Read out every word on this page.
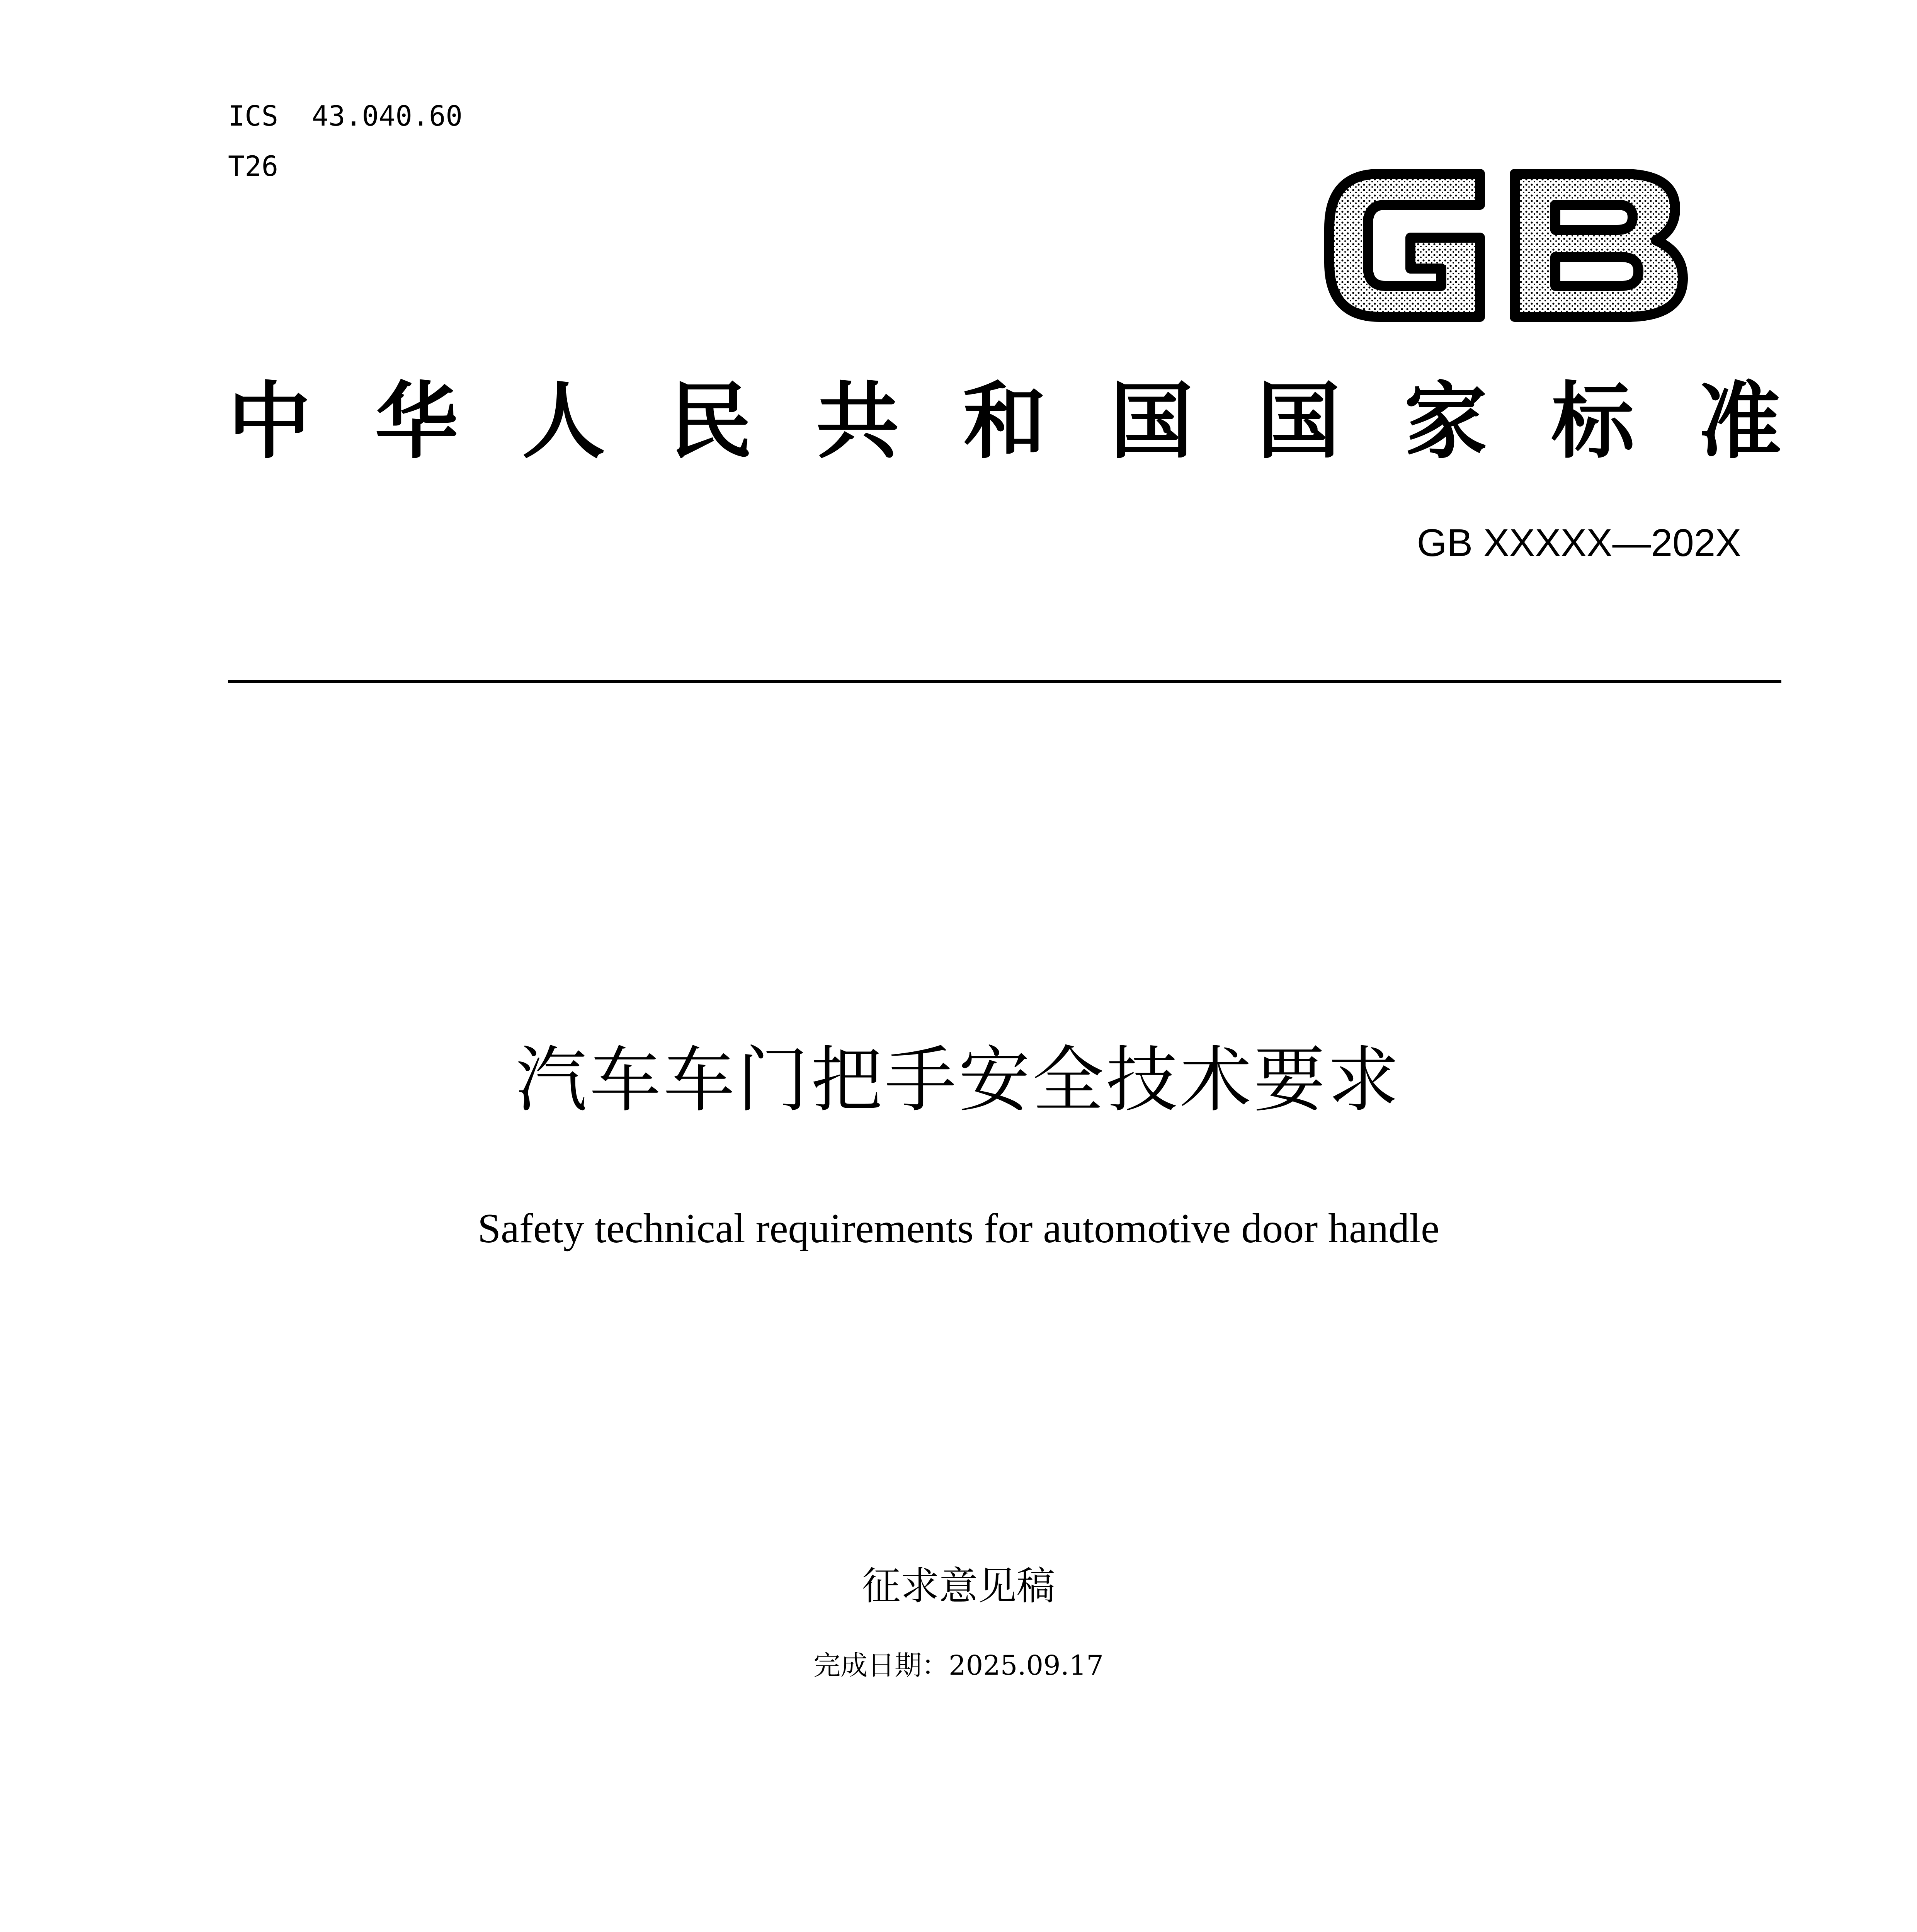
ICS  43.040.60
T26
中 华 人 民 共 和 国 国 家 标 准
GB XXXXX—202X
汽车车门把手安全技术要求
Safety technical requirements for automotive door handle
征求意见稿
完成日期：2025.09.17
